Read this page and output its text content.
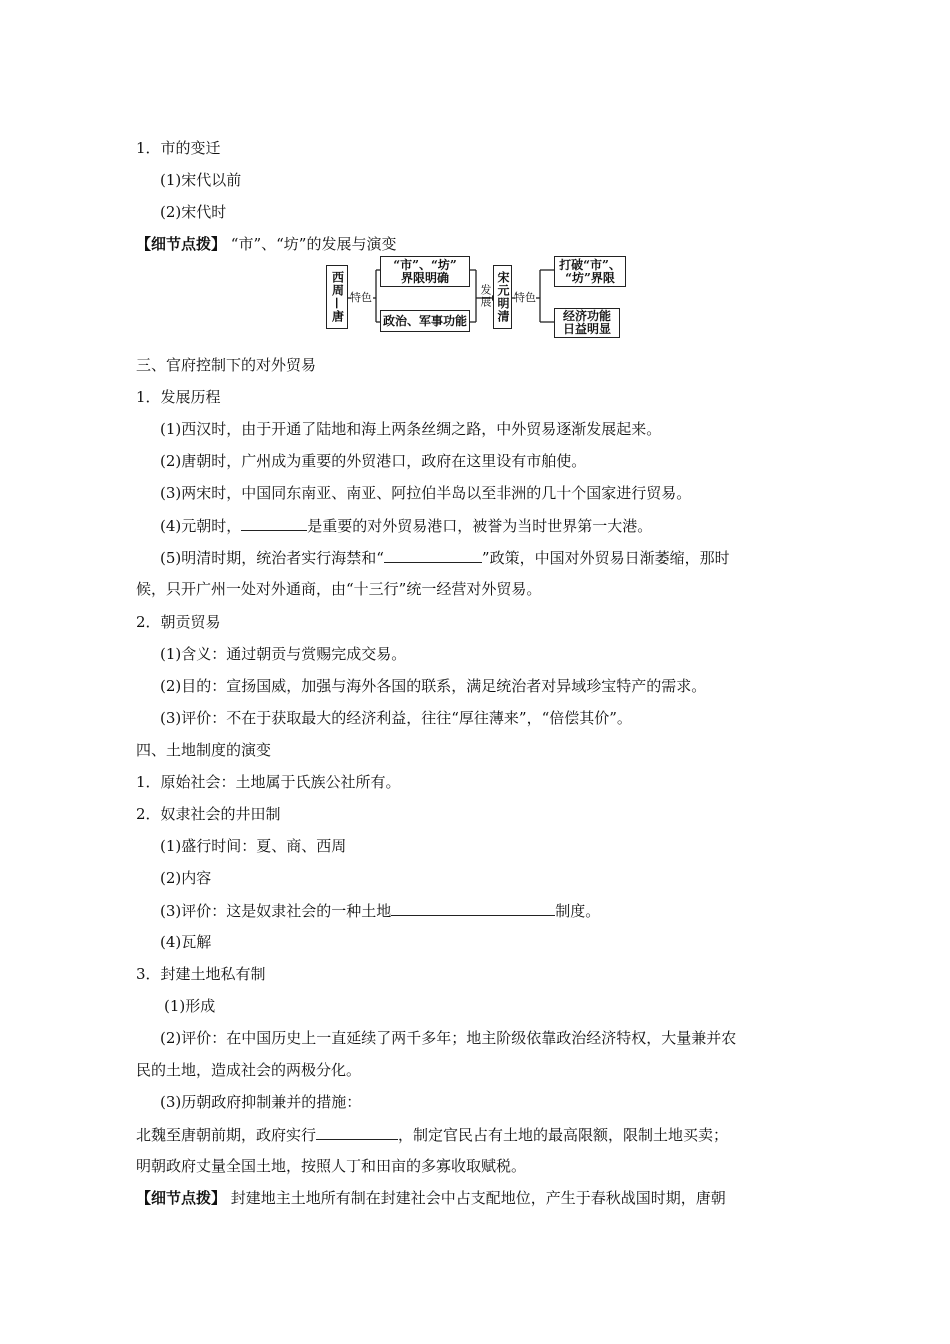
1．市的变迁
(1)宋代以前
(2)宋代时
【细节点拨】 “市”、“坊”的发展与演变
西周—唐 特色
“市”、“坊”
界限明确
政治、军事功能
发展 宋元明清 特色
打破“市”、
“坊”界限
经济功能
日益明显
三、官府控制下的对外贸易
1．发展历程
(1)西汉时，由于开通了陆地和海上两条丝绸之路，中外贸易逐渐发展起来。
(2)唐朝时，广州成为重要的外贸港口，政府在这里设有市舶使。
(3)两宋时，中国同东南亚、南亚、阿拉伯半岛以至非洲的几十个国家进行贸易。
(4)元朝时，	是重要的对外贸易港口，被誉为当时世界第一大港。
(5)明清时期，统治者实行海禁和“	”政策，中国对外贸易日渐萎缩，那时
候，只开广州一处对外通商，由“十三行”统一经营对外贸易。
2．朝贡贸易
(1)含义：通过朝贡与赏赐完成交易。
(2)目的：宣扬国威，加强与海外各国的联系，满足统治者对异域珍宝特产的需求。
(3)评价：不在于获取最大的经济利益，往往“厚往薄来”，“倍偿其价”。
四、土地制度的演变
1．原始社会：土地属于氏族公社所有。
2．奴隶社会的井田制
(1)盛行时间：夏、商、西周
(2)内容
(3)评价：这是奴隶社会的一种土地	制度。
(4)瓦解
3．封建土地私有制
(1)形成
(2)评价：在中国历史上一直延续了两千多年；地主阶级依靠政治经济特权，大量兼并农
民的土地，造成社会的两极分化。
(3)历朝政府抑制兼并的措施：
北魏至唐朝前期，政府实行	，制定官民占有土地的最高限额，限制土地买卖；
明朝政府丈量全国土地，按照人丁和田亩的多寡收取赋税。
【细节点拨】 封建地主土地所有制在封建社会中占支配地位，产生于春秋战国时期，唐朝
